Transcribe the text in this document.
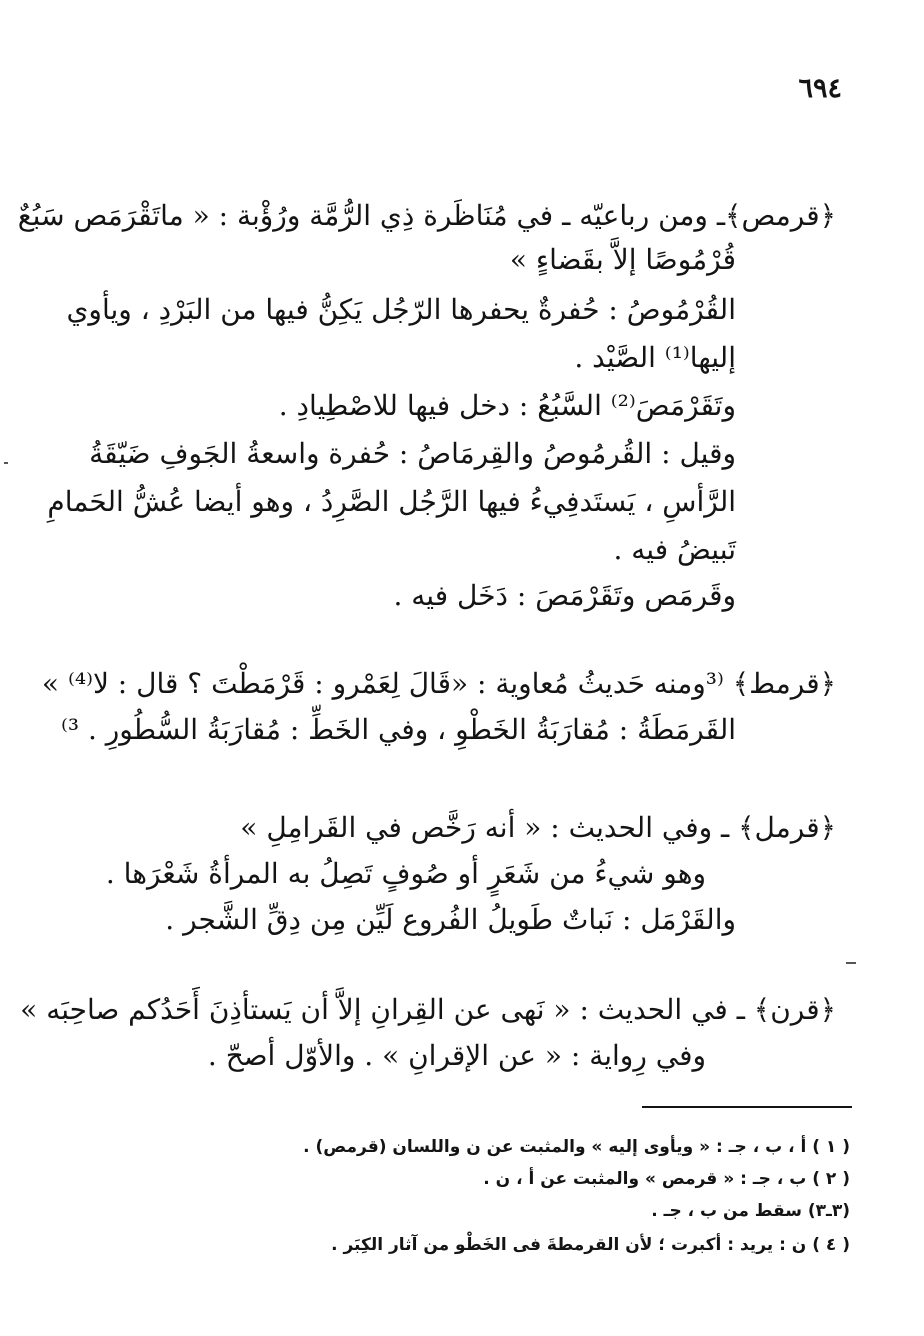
٦٩٤
﴿قرمص﴾ـ ومن رباعيّه ـ في مُنَاظَرة ذِي الرُّمَّة ورُؤْبة : « ماتَقْرَمَص سَبُعٌ
قُرْمُوصًا إلاَّ بقَضاءٍ »
القُرْمُوصُ : حُفرةٌ يحفرها الرّجُل يَكِنُّ فيها من البَرْدِ ، ويأوي
إليها⁽¹⁾ الصَّيْد .
وتَقَرْمَصَ⁽²⁾ السَّبُعُ : دخل فيها للاصْطِيادِ .
وقيل : القُرمُوصُ والقِرمَاصُ : حُفرة واسعةُ الجَوفِ ضَيّقَةُ
الرَّأسِ ، يَستَدفِيءُ فيها الرَّجُل الصَّرِدُ ، وهو أيضا عُشُّ الحَمامِ
تَبيضُ فيه .
وقَرمَص وتَقَرْمَصَ : دَخَل فيه .
﴿قرمط﴾ ⁽³ومنه حَديثُ مُعاوية : «قَالَ لِعَمْرو : قَرْمَطْتَ ؟ قال : لا⁽⁴⁾ »
القَرمَطَةُ : مُقارَبَةُ الخَطْوِ ، وفي الخَطِّ : مُقارَبَةُ السُّطُورِ . ³⁾
﴿قرمل﴾ ـ وفي الحديث : « أنه رَخَّص في القَرامِلِ »
وهو شيءُ من شَعَرٍ أو صُوفٍ تَصِلُ به المرأةُ شَعْرَها .
والقَرْمَل : نَباتٌ طَويلُ الفُروع لَيِّن مِن دِقِّ الشَّجر .
﴿قرن﴾ ـ في الحديث : « نَهى عن القِرانِ إلاَّ أن يَستأذِنَ أَحَدُكم صاحِبَه »
وفي رِواية : « عن الإقرانِ » . والأوّل أصحّ .
( ١ ) أ ، ب ، جـ : « ويأوى إليه » والمثبت عن ن واللسان (قرمص) .
( ٢ ) ب ، جـ : « قرمص » والمثبت عن أ ، ن .
(٣ـ٣) سقط من ب ، جـ .
( ٤ ) ن : يريد : أكبرت ؛ لأن القرمطةَ فى الخَطْو من آثار الكِبَر .
